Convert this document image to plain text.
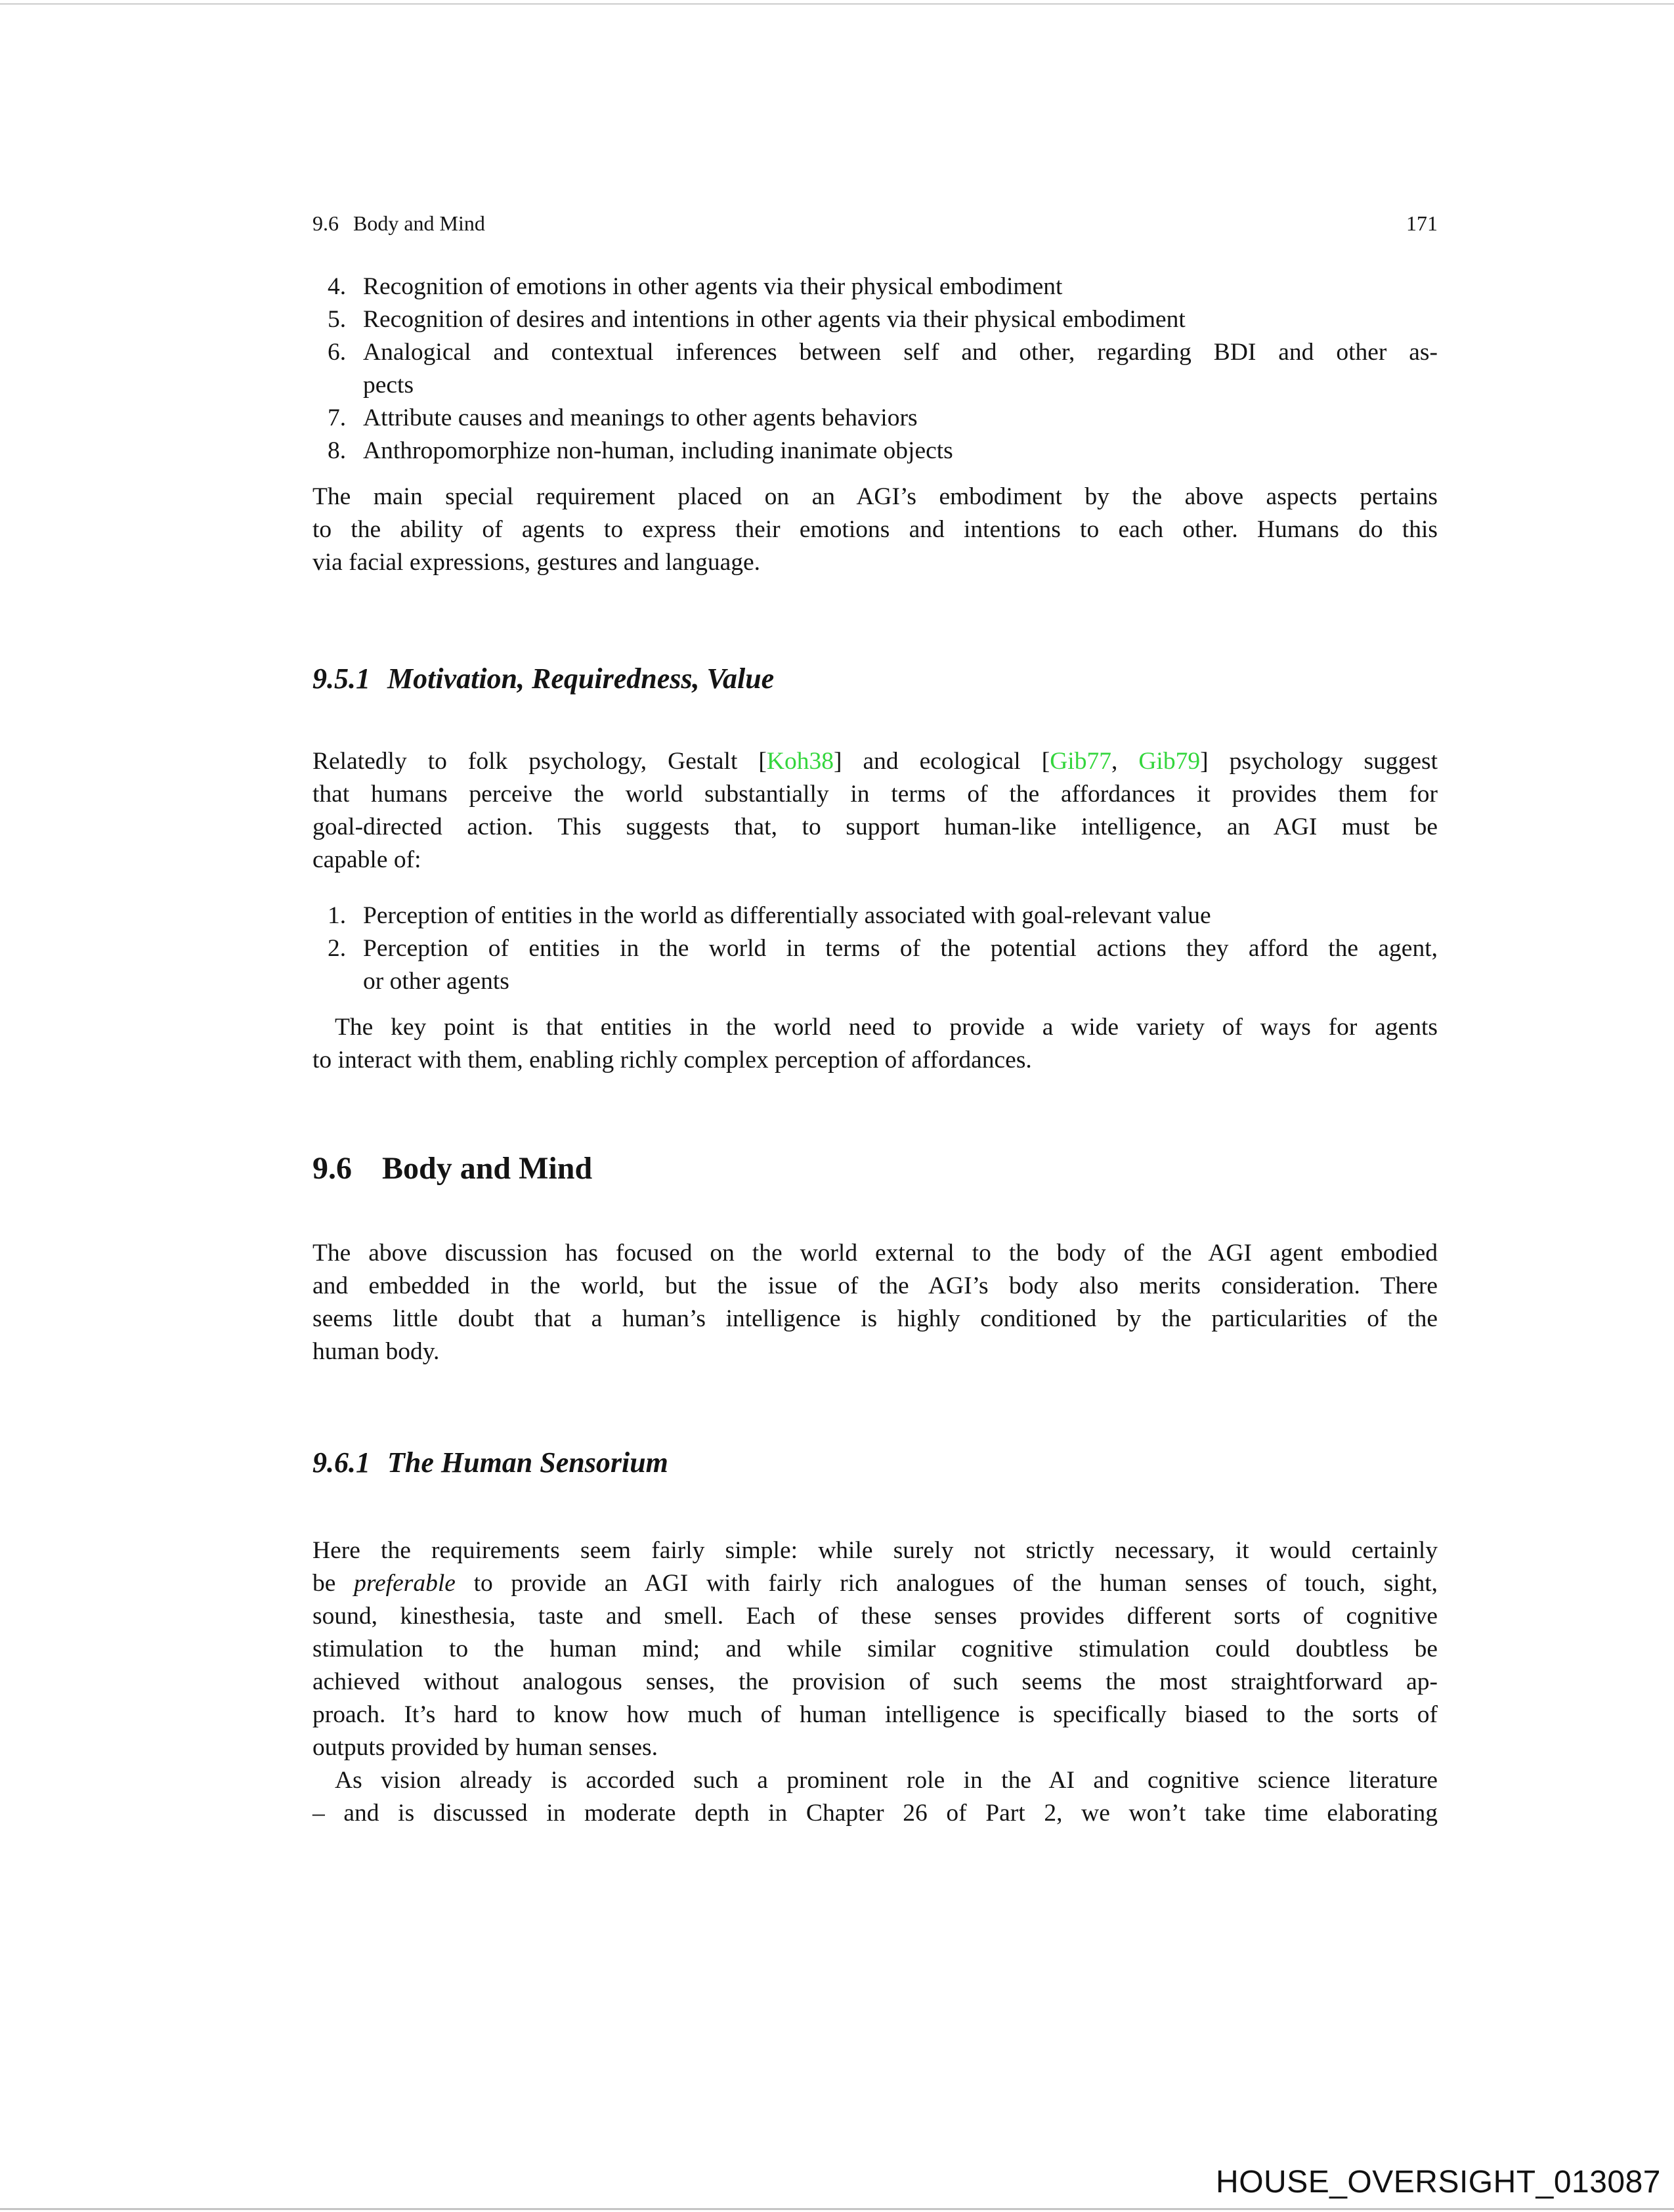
9.6 Body and Mind	171
4. Recognition of emotions in other agents via their physical embodiment
5. Recognition of desires and intentions in other agents via their physical embodiment
6. Analogical and contextual inferences between self and other, regarding BDI and other as-
pects
7. Attribute causes and meanings to other agents behaviors
8. Anthropomorphize non-human, including inanimate objects
The main special requirement placed on an AGI’s embodiment by the above aspects pertains
to the ability of agents to express their emotions and intentions to each other. Humans do this
via facial expressions, gestures and language.
9.5.1 Motivation, Requiredness, Value
Relatedly to folk psychology, Gestalt [Koh38] and ecological [Gib77, Gib79] psychology suggest
that humans perceive the world substantially in terms of the affordances it provides them for
goal-directed action. This suggests that, to support human-like intelligence, an AGI must be
capable of:
1. Perception of entities in the world as differentially associated with goal-relevant value
2. Perception of entities in the world in terms of the potential actions they afford the agent,
or other agents
The key point is that entities in the world need to provide a wide variety of ways for agents
to interact with them, enabling richly complex perception of affordances.
9.6 Body and Mind
The above discussion has focused on the world external to the body of the AGI agent embodied
and embedded in the world, but the issue of the AGI’s body also merits consideration. There
seems little doubt that a human’s intelligence is highly conditioned by the particularities of the
human body.
9.6.1 The Human Sensorium
Here the requirements seem fairly simple: while surely not strictly necessary, it would certainly
be preferable to provide an AGI with fairly rich analogues of the human senses of touch, sight,
sound, kinesthesia, taste and smell. Each of these senses provides different sorts of cognitive
stimulation to the human mind; and while similar cognitive stimulation could doubtless be
achieved without analogous senses, the provision of such seems the most straightforward ap-
proach. It’s hard to know how much of human intelligence is specifically biased to the sorts of
outputs provided by human senses.
As vision already is accorded such a prominent role in the AI and cognitive science literature
– and is discussed in moderate depth in Chapter 26 of Part 2, we won’t take time elaborating
HOUSE_OVERSIGHT_013087
